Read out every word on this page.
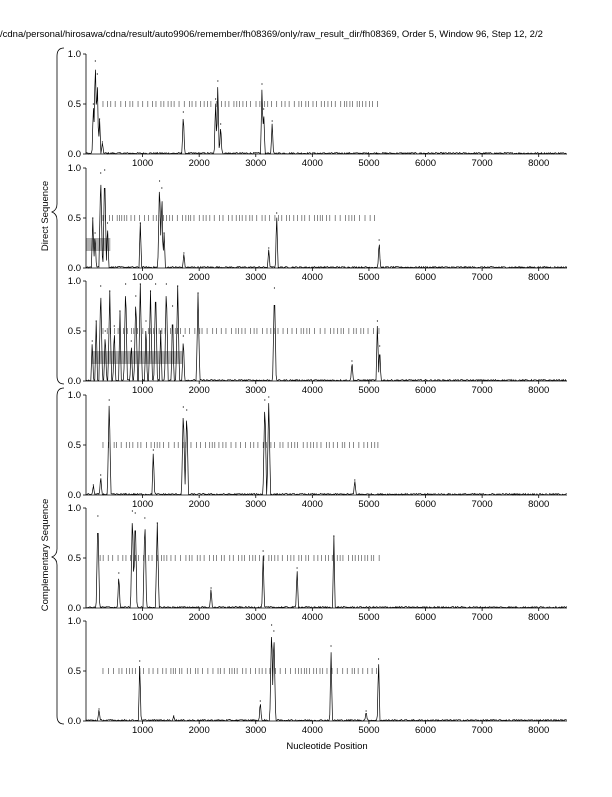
/cdna/personal/hirosawa/cdna/result/auto9906/remember/fh08369/only/raw_result_dir/fh08369, Order 5, Window 96, Step 12, 2/2
Nucleotide Position
Direct Sequence
Complementary Sequence
0.0
0.5
1.0
1000	2000	3000	4000	5000	6000	7000	8000
0.0
0.5
1.0
1000	2000	3000	4000	5000	6000	7000	8000
0.0
0.5
1.0
1000	2000	3000	4000	5000	6000	7000	8000
0.0
0.5
1.0
1000	2000	3000	4000	5000	6000	7000	8000
0.0
0.5
1.0
1000	2000	3000	4000	5000	6000	7000	8000
0.0
0.5
1.0
1000	2000	3000	4000	5000	6000	7000	8000
